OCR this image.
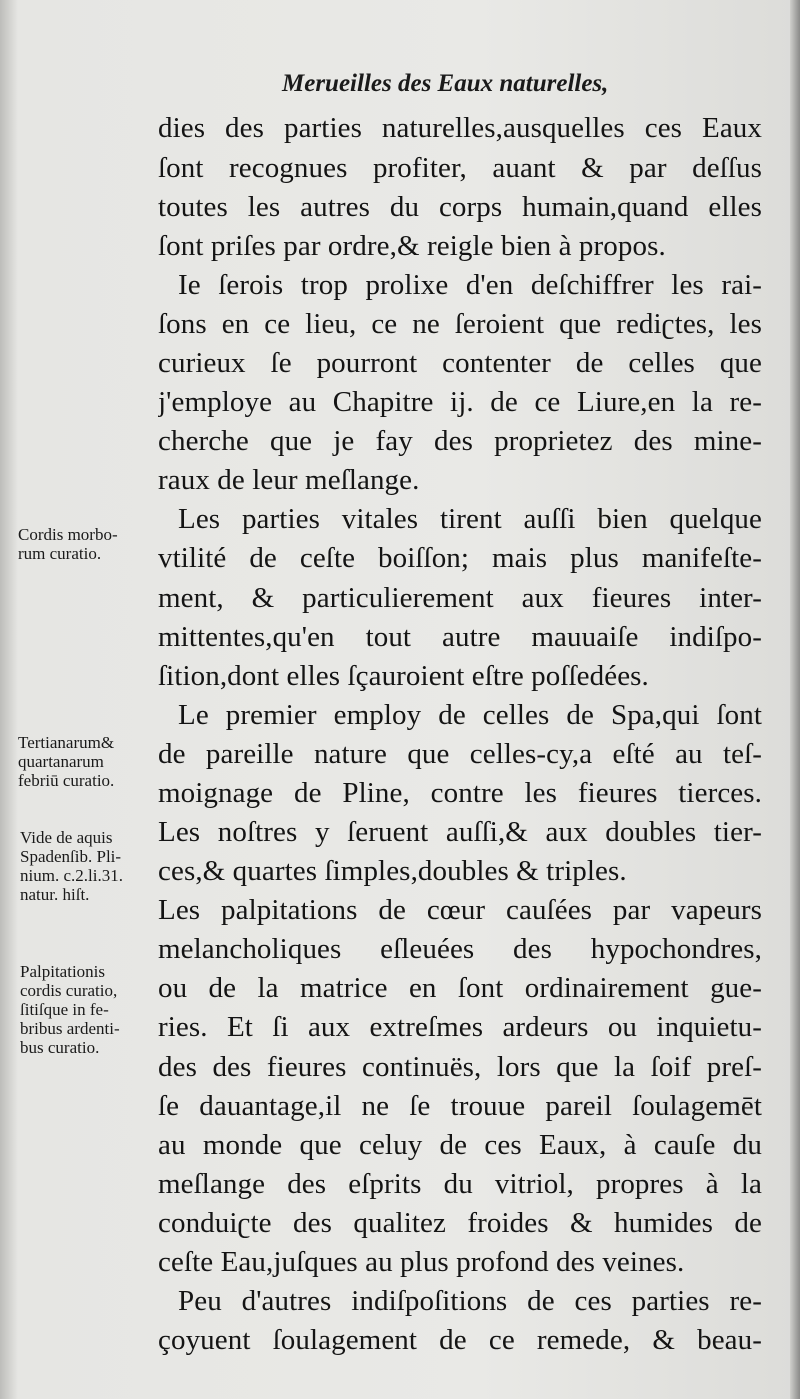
Merueilles des Eaux naturelles,
dies des parties naturelles,ausquelles ces Eaux
ſont recognues profiter, auant & par deſſus
toutes les autres du corps humain,quand elles
ſont priſes par ordre,& reigle bien à propos.
Ie ſerois trop prolixe d'en deſchiffrer les rai-
ſons en ce lieu, ce ne ſeroient que rediʗtes, les
curieux ſe pourront contenter de celles que
j'employe au Chapitre ij. de ce Liure,en la re-
cherche que je fay des proprietez des mine-
raux de leur meſlange.
Les parties vitales tirent auſſi bien quelque
vtilité de ceſte boiſſon; mais plus manifeſte-
ment, & particulierement aux fieures inter-
mittentes,qu'en tout autre mauuaiſe indiſpo-
ſition,dont elles ſçauroient eſtre poſſedées.
Le premier employ de celles de Spa,qui ſont
de pareille nature que celles-cy,a eſté au teſ-
moignage de Pline, contre les fieures tierces.
Les noſtres y ſeruent auſſi,& aux doubles tier-
ces,& quartes ſimples,doubles & triples.
Les palpitations de cœur cauſées par vapeurs
melancholiques eſleuées des hypochondres,
ou de la matrice en ſont ordinairement gue-
ries. Et ſi aux extreſmes ardeurs ou inquietu-
des des fieures continuës, lors que la ſoif preſ-
ſe dauantage,il ne ſe trouue pareil ſoulagemēt
au monde que celuy de ces Eaux, à cauſe du
meſlange des eſprits du vitriol, propres à la
conduiʗte des qualitez froides & humides de
ceſte Eau,juſques au plus profond des veines.
Peu d'autres indiſpoſitions de ces parties re-
çoyuent ſoulagement de ce remede, & beau-
Cordis morbo-
rum curatio.
Tertianarum&
quartanarum
febriū curatio.
Vide de aquis
Spadenſib. Pli-
nium. c.2.li.31.
natur. hiſt.
Palpitationis
cordis curatio,
ſitiſque in fe-
bribus ardenti-
bus curatio.
